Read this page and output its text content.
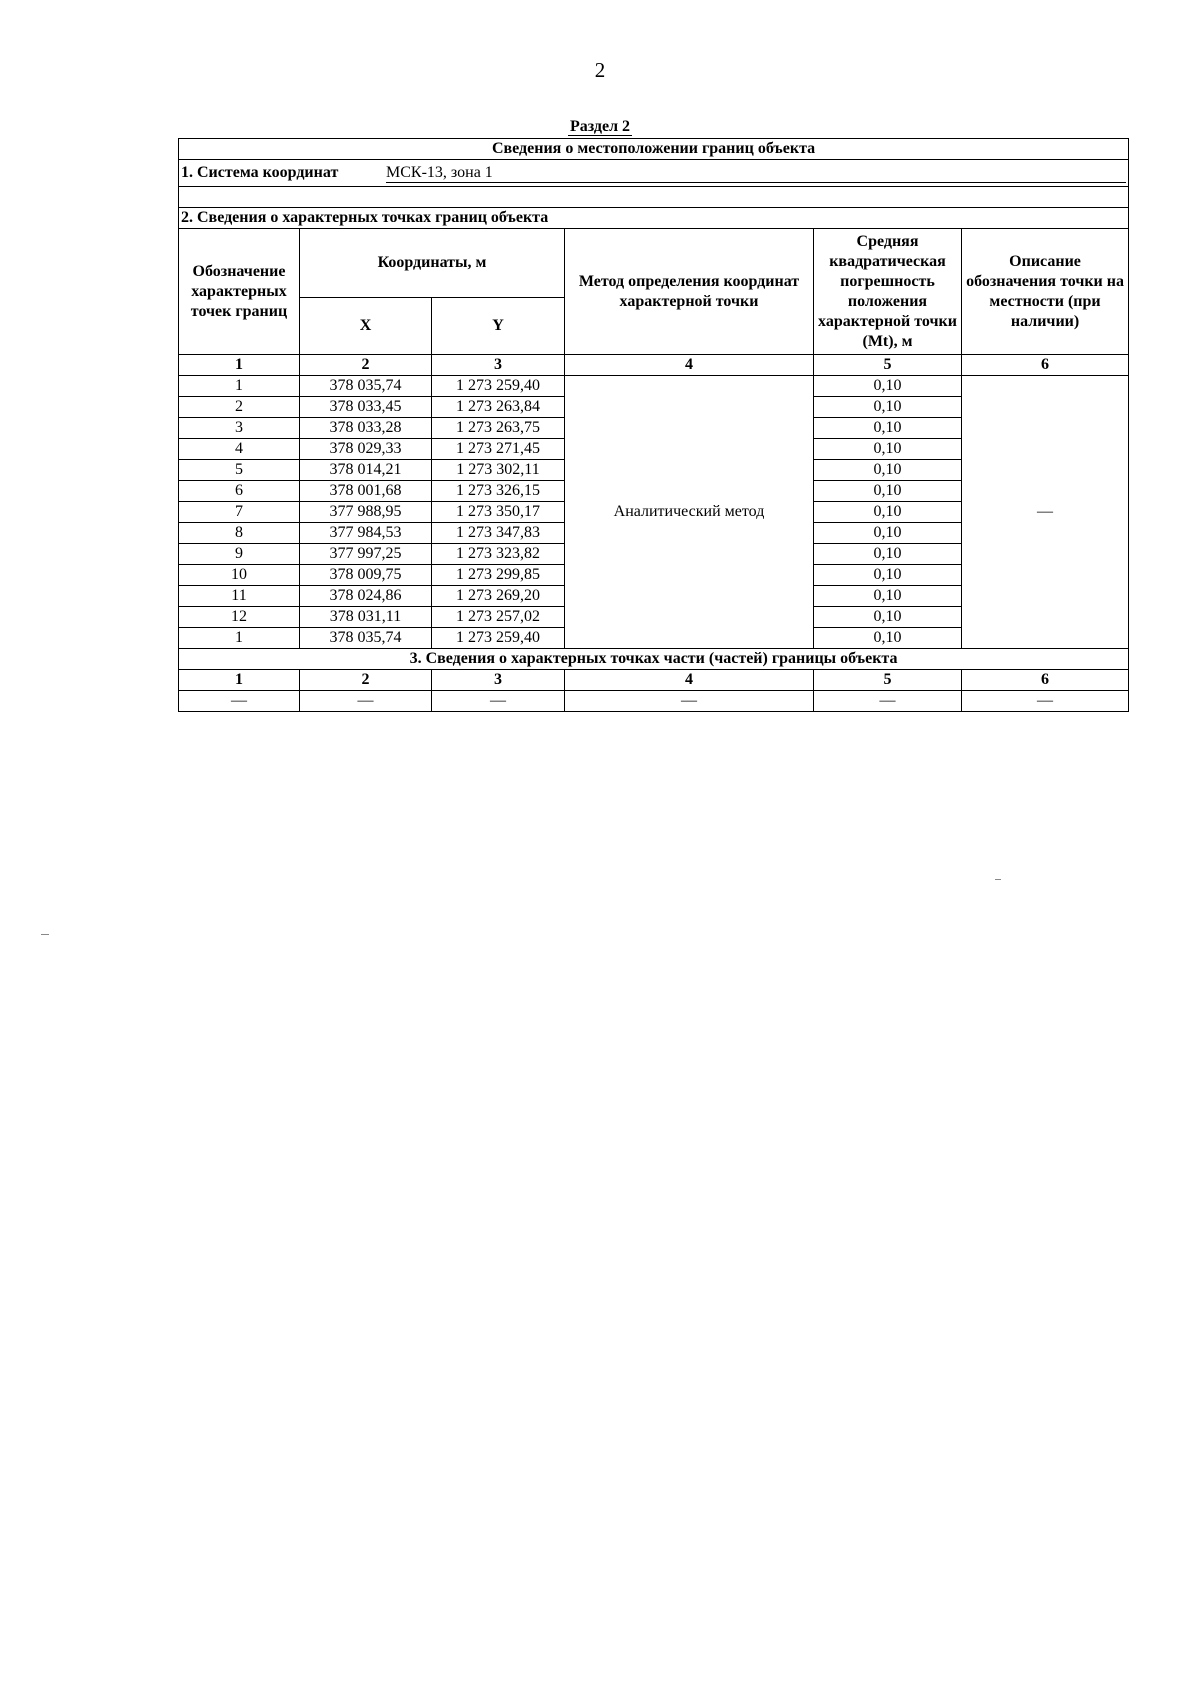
2
Раздел 2
Сведения о местоположении границ объекта					
1. Система координат МСК-13, зона 1					

2. Сведения о характерных точках границ объекта					
Обозначение характерных точек границ	Координаты, м		Метод определения координат характерной точки	Средняя квадратическая погрешность положения характерной точки (Mt), м	Описание обозначения точки на местности (при наличии)
	X	Y			
1	2	3	4	5	6
1	378 035,74	1 273 259,40	Аналитический метод	0,10	—
2	378 033,45	1 273 263,84		0,10	
3	378 033,28	1 273 263,75		0,10	
4	378 029,33	1 273 271,45		0,10	
5	378 014,21	1 273 302,11		0,10	
6	378 001,68	1 273 326,15		0,10	
7	377 988,95	1 273 350,17		0,10	
8	377 984,53	1 273 347,83		0,10	
9	377 997,25	1 273 323,82		0,10	
10	378 009,75	1 273 299,85		0,10	
11	378 024,86	1 273 269,20		0,10	
12	378 031,11	1 273 257,02		0,10	
1	378 035,74	1 273 259,40		0,10	
3. Сведения о характерных точках части (частей) границы объекта					
1	2	3	4	5	6
—	—	—	—	—	—
